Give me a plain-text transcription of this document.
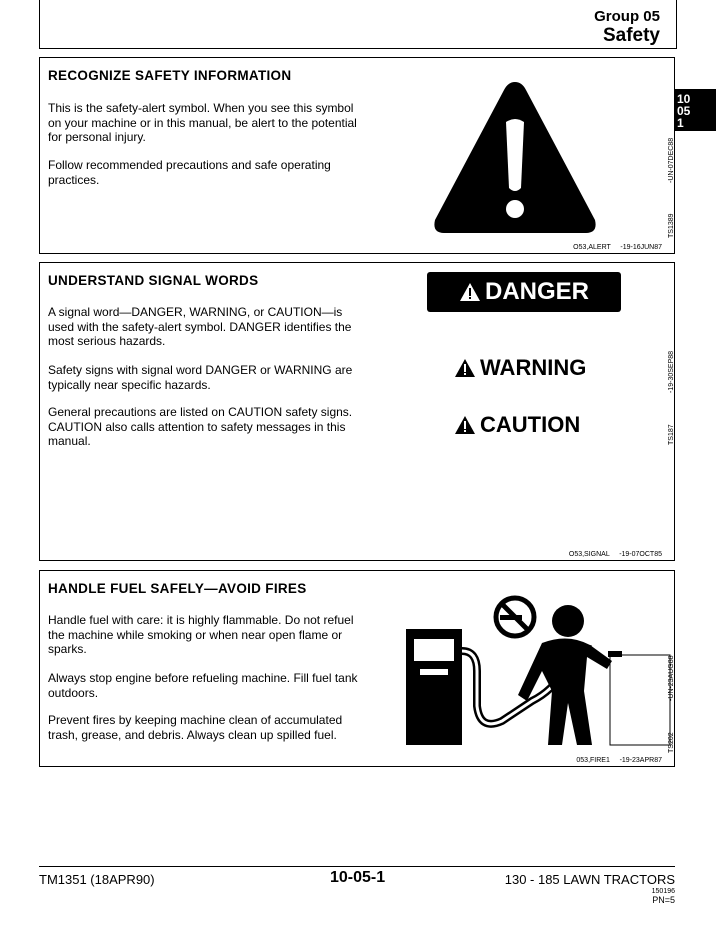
Group 05
Safety
10
05
1
RECOGNIZE SAFETY INFORMATION
This is the safety-alert symbol. When you see this symbol on your machine or in this manual, be alert to the potential for personal injury.
Follow recommended precautions and safe operating practices.	-UN-07DEC88
TS1389
O53,ALERT     -19-16JUN87
UNDERSTAND SIGNAL WORDS
A signal word—DANGER, WARNING, or CAUTION—is used with the safety-alert symbol. DANGER identifies the most serious hazards.
Safety signs with signal word DANGER or WARNING are typically near specific hazards.
General precautions are listed on CAUTION safety signs. CAUTION also calls attention to safety messages in this manual.
DANGER
WARNING
CAUTION
-19-30SEP88
TS187
O53,SIGNAL     -19-07OCT85
HANDLE FUEL SAFELY—AVOID FIRES
Handle fuel with care: it is highly flammable. Do not refuel the machine while smoking or when near open flame or sparks.
Always stop engine before refueling machine. Fill fuel tank outdoors.
Prevent fires by keeping machine clean of accumulated trash, grease, and debris. Always clean up spilled fuel.
-UN-23AUG88
TS202
053,FIRE1     -19-23APR87
TM1351 (18APR90)	10-05-1	130 - 185 LAWN TRACTORS
150196
PN=5
